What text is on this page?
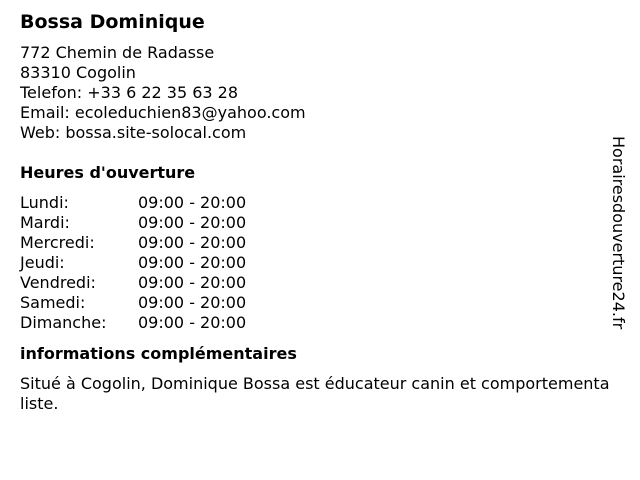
Bossa Dominique
772 Chemin de Radasse
83310 Cogolin
Telefon: +33 6 22 35 63 28
Email: ecoleduchien83@yahoo.com
Web: bossa.site-solocal.com
Heures d'ouverture
Lundi:	09:00 - 20:00
Mardi:	09:00 - 20:00
Mercredi:	09:00 - 20:00
Jeudi:	09:00 - 20:00
Vendredi:	09:00 - 20:00
Samedi:	09:00 - 20:00
Dimanche:	09:00 - 20:00
informations complémentaires

Situé à Cogolin, Dominique Bossa est éducateur canin et comportementaliste.

Horairesdouverture24.fr
